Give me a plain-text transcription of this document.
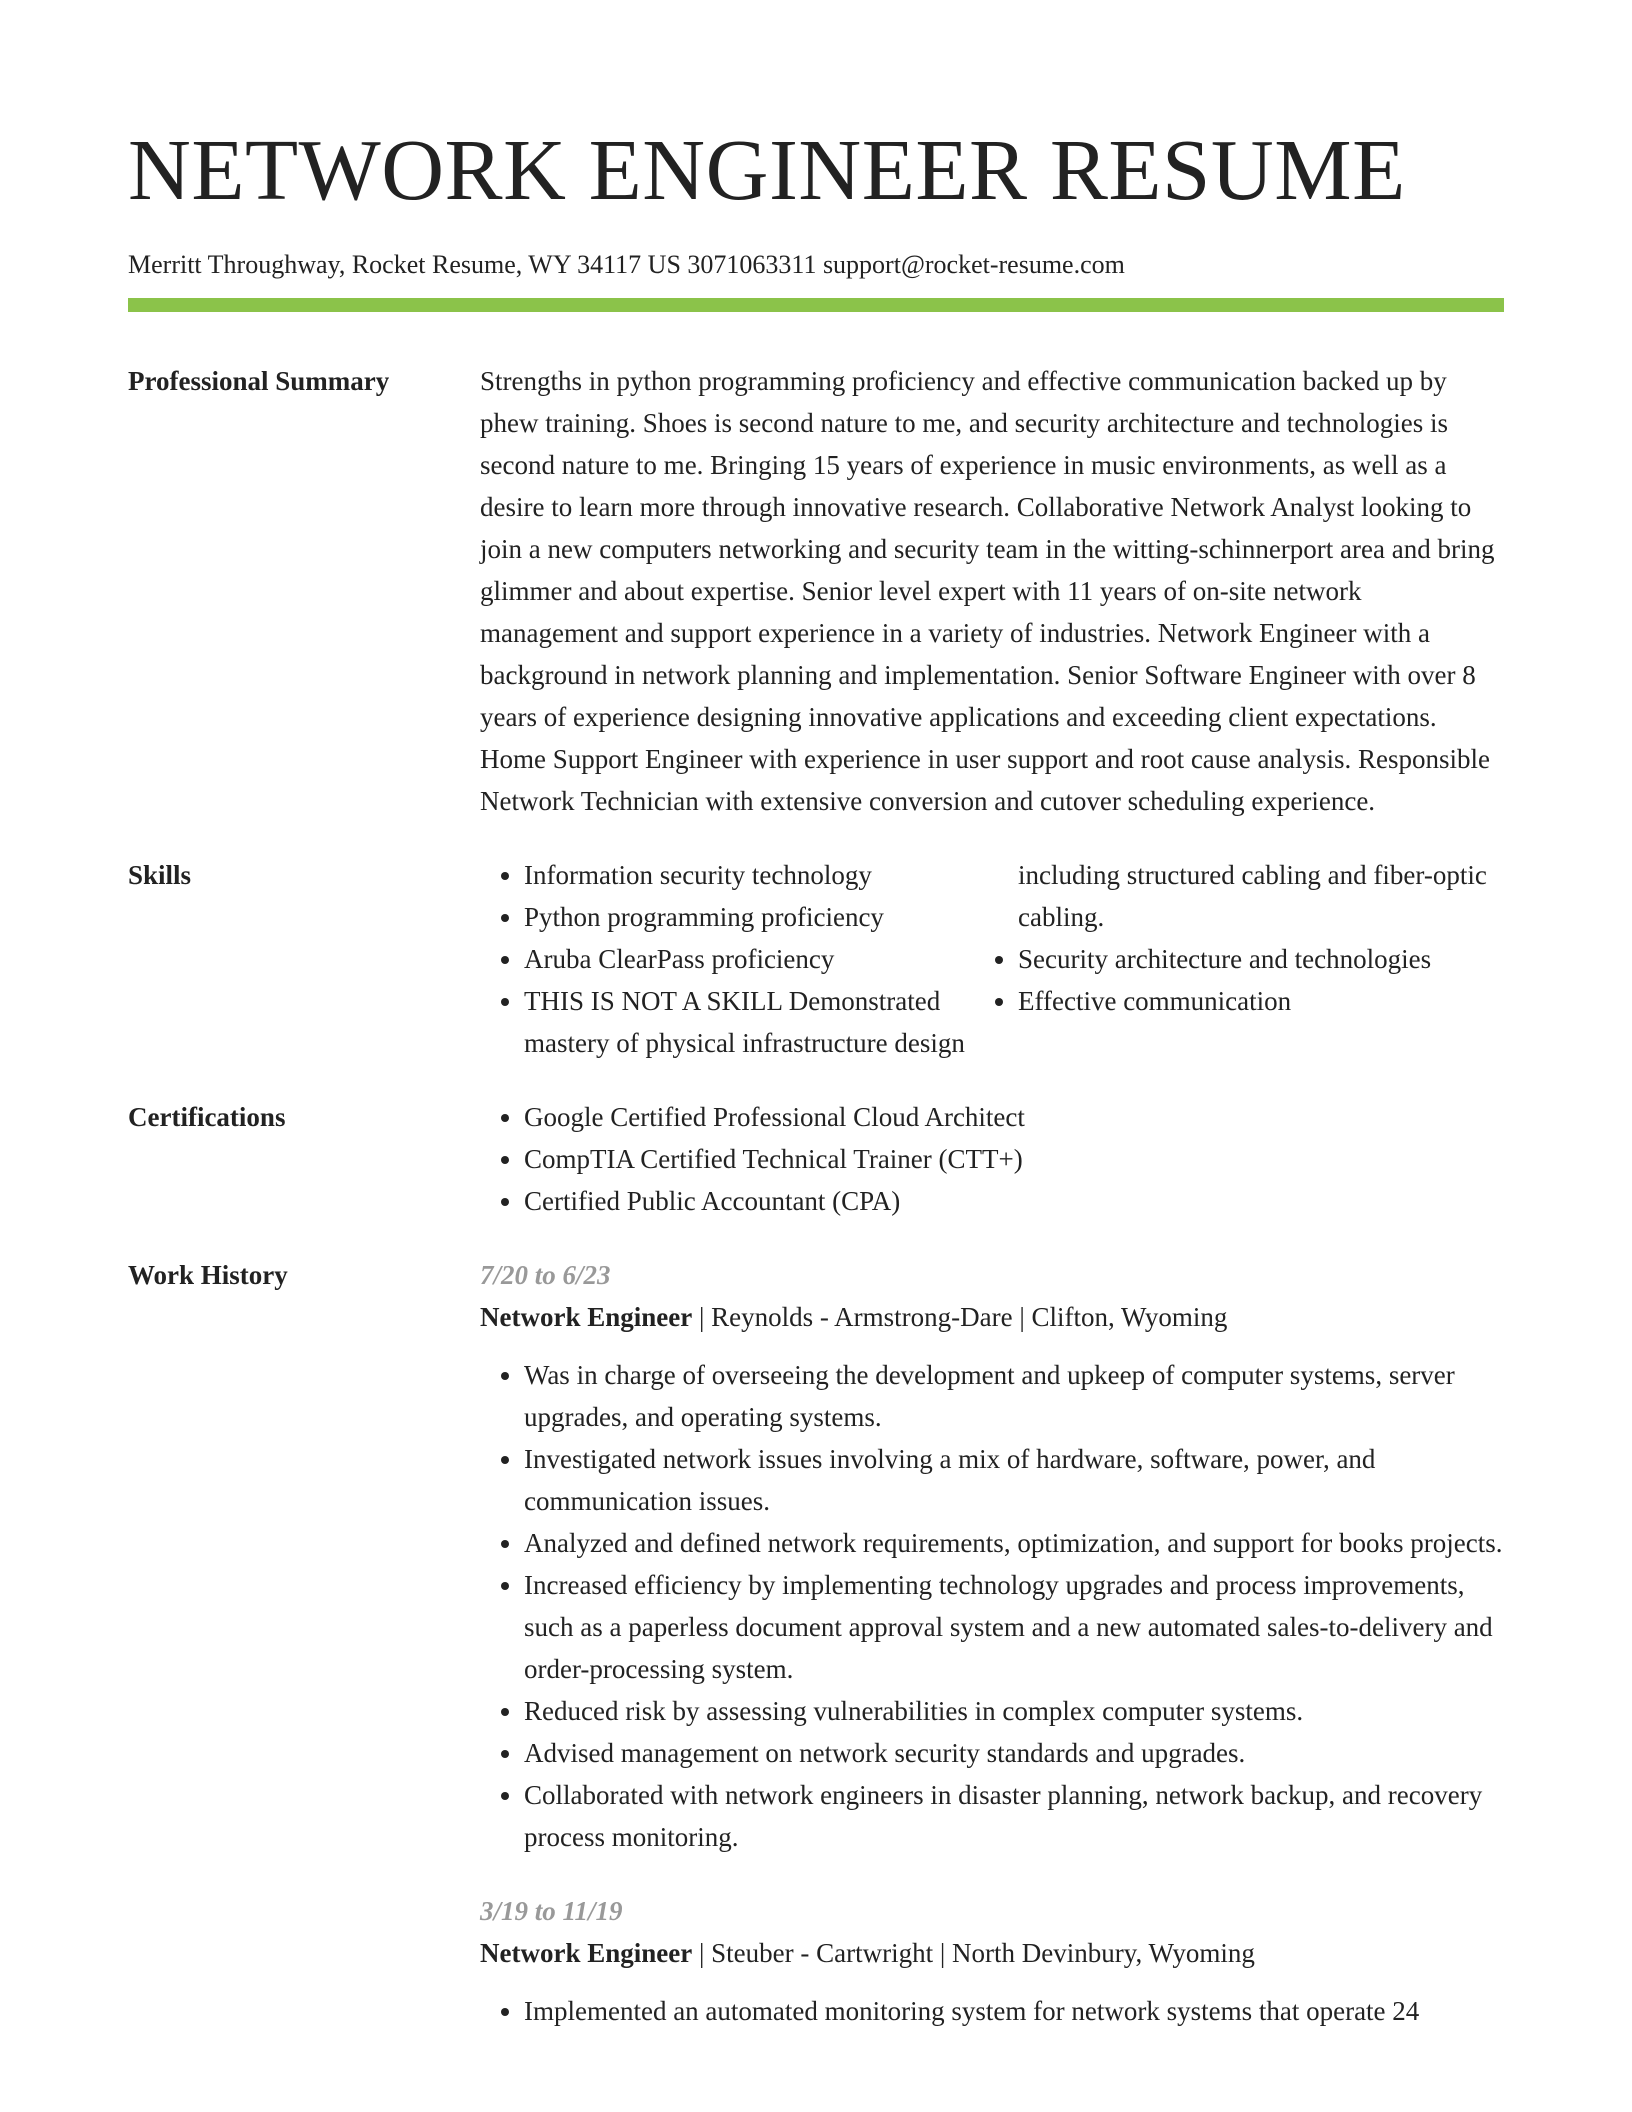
NETWORK ENGINEER RESUME
Merritt Throughway, Rocket Resume, WY 34117 US 3071063311 support@rocket-resume.com
Professional Summary	Strengths in python programming proficiency and effective communication backed up by phew training. Shoes is second nature to me, and security architecture and technologies is second nature to me. Bringing 15 years of experience in music environments, as well as a desire to learn more through innovative research. Collaborative Network Analyst looking to join a new computers networking and security team in the witting-schinnerport area and bring glimmer and about expertise. Senior level expert with 11 years of on-site network management and support experience in a variety of industries. Network Engineer with a background in network planning and implementation. Senior Software Engineer with over 8 years of experience designing innovative applications and exceeding client expectations. Home Support Engineer with experience in user support and root cause analysis. Responsible Network Technician with extensive conversion and cutover scheduling experience.

Skills	• Information security technology
• Python programming proficiency
• Aruba ClearPass proficiency
• THIS IS NOT A SKILL Demonstrated mastery of physical infrastructure design including structured cabling and fiber-optic cabling.
• Security architecture and technologies
• Effective communication
Certifications	• Google Certified Professional Cloud Architect
• CompTIA Certified Technical Trainer (CTT+)
• Certified Public Accountant (CPA)
Work History	7/20 to 6/23
Network Engineer | Reynolds - Armstrong-Dare | Clifton, Wyoming
• Was in charge of overseeing the development and upkeep of computer systems, server upgrades, and operating systems.
• Investigated network issues involving a mix of hardware, software, power, and communication issues.
• Analyzed and defined network requirements, optimization, and support for books projects.
• Increased efficiency by implementing technology upgrades and process improvements, such as a paperless document approval system and a new automated sales-to-delivery and order-processing system.
• Reduced risk by assessing vulnerabilities in complex computer systems.
• Advised management on network security standards and upgrades.
• Collaborated with network engineers in disaster planning, network backup, and recovery process monitoring.
3/19 to 11/19
Network Engineer | Steuber - Cartwright | North Devinbury, Wyoming
• Implemented an automated monitoring system for network systems that operate 24
